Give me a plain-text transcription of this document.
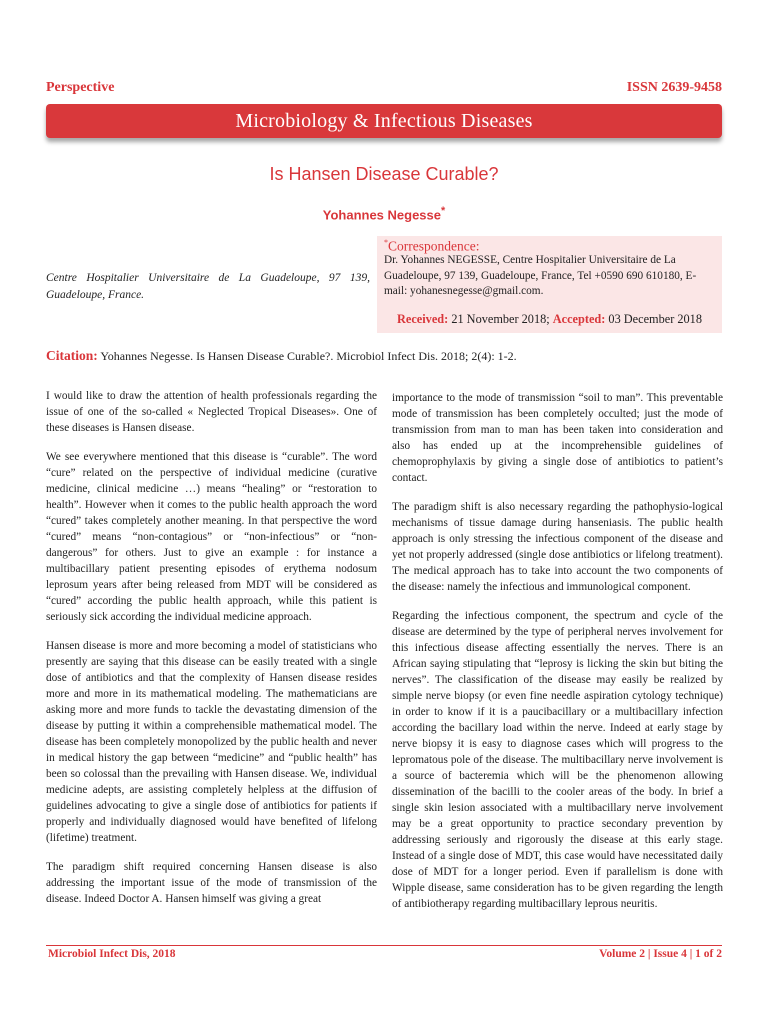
Perspective	ISSN 2639-9458
Microbiology & Infectious Diseases
Is Hansen Disease Curable?
Yohannes Negesse*
Centre Hospitalier Universitaire de La Guadeloupe, 97 139, Guadeloupe, France.
*Correspondence:
Dr. Yohannes NEGESSE, Centre Hospitalier Universitaire de La Guadeloupe, 97 139, Guadeloupe, France, Tel +0590 690 610180, E-mail: yohanesnegesse@gmail.com.
Received: 21 November 2018; Accepted: 03 December 2018
Citation: Yohannes Negesse. Is Hansen Disease Curable?. Microbiol Infect Dis. 2018; 2(4): 1-2.

I would like to draw the attention of health professionals regarding the issue of one of the so-called « Neglected Tropical Diseases». One of these diseases is Hansen disease.

We see everywhere mentioned that this disease is “curable”. The word “cure” related on the perspective of individual medicine (curative medicine, clinical medicine …) means “healing” or “restoration to health”. However when it comes to the public health approach the word “cured” takes completely another meaning. In that perspective the word “cured” means “non-contagious” or “non-infectious” or “non-dangerous” for others. Just to give an example : for instance a multibacillary patient presenting episodes of erythema nodosum leprosum years after being released from MDT will be considered as “cured” according the public health approach, while this patient is seriously sick according the individual medicine approach.

Hansen disease is more and more becoming a model of statisticians who presently are saying that this disease can be easily treated with a single dose of antibiotics and that the complexity of Hansen disease resides more and more in its mathematical modeling. The mathematicians are asking more and more funds to tackle the devastating dimension of the disease by putting it within a comprehensible mathematical model. The disease has been completely monopolized by the public health and never in medical history the gap between “medicine” and “public health” has been so colossal than the prevailing with Hansen disease. We, individual medicine adepts, are assisting completely helpless at the diffusion of guidelines advocating to give a single dose of antibiotics for patients if properly and individually diagnosed would have benefited of lifelong (lifetime) treatment.

The paradigm shift required concerning Hansen disease is also addressing the important issue of the mode of transmission of the disease. Indeed Doctor A. Hansen himself was giving a great

importance to the mode of transmission “soil to man”. This preventable mode of transmission has been completely occulted; just the mode of transmission from man to man has been taken into consideration and also has ended up at the incomprehensible guidelines of chemoprophylaxis by giving a single dose of antibiotics to patient’s contact.

The paradigm shift is also necessary regarding the pathophysio-logical mechanisms of tissue damage during hanseniasis. The public health approach is only stressing the infectious component of the disease and yet not properly addressed (single dose antibiotics or lifelong treatment). The medical approach has to take into account the two components of the disease: namely the infectious and immunological component.

Regarding the infectious component, the spectrum and cycle of the disease are determined by the type of peripheral nerves involvement for this infectious disease affecting essentially the nerves. There is an African saying stipulating that “leprosy is licking the skin but biting the nerves”. The classification of the disease may easily be realized by simple nerve biopsy (or even fine needle aspiration cytology technique) in order to know if it is a paucibacillary or a multibacillary infection according the bacillary load within the nerve. Indeed at early stage by nerve biopsy it is easy to diagnose cases which will progress to the lepromatous pole of the disease. The multibacillary nerve involvement is a source of bacteremia which will be the phenomenon allowing dissemination of the bacilli to the cooler areas of the body. In brief a single skin lesion associated with a multibacillary nerve involvement may be a great opportunity to practice secondary prevention by addressing seriously and rigorously the disease at this early stage. Instead of a single dose of MDT, this case would have necessitated daily dose of MDT for a longer period. Even if parallelism is done with Wipple disease, same consideration has to be given regarding the length of antibiotherapy regarding multibacillary leprous neuritis.

Microbiol Infect Dis, 2018	Volume 2 | Issue 4 | 1 of 2
